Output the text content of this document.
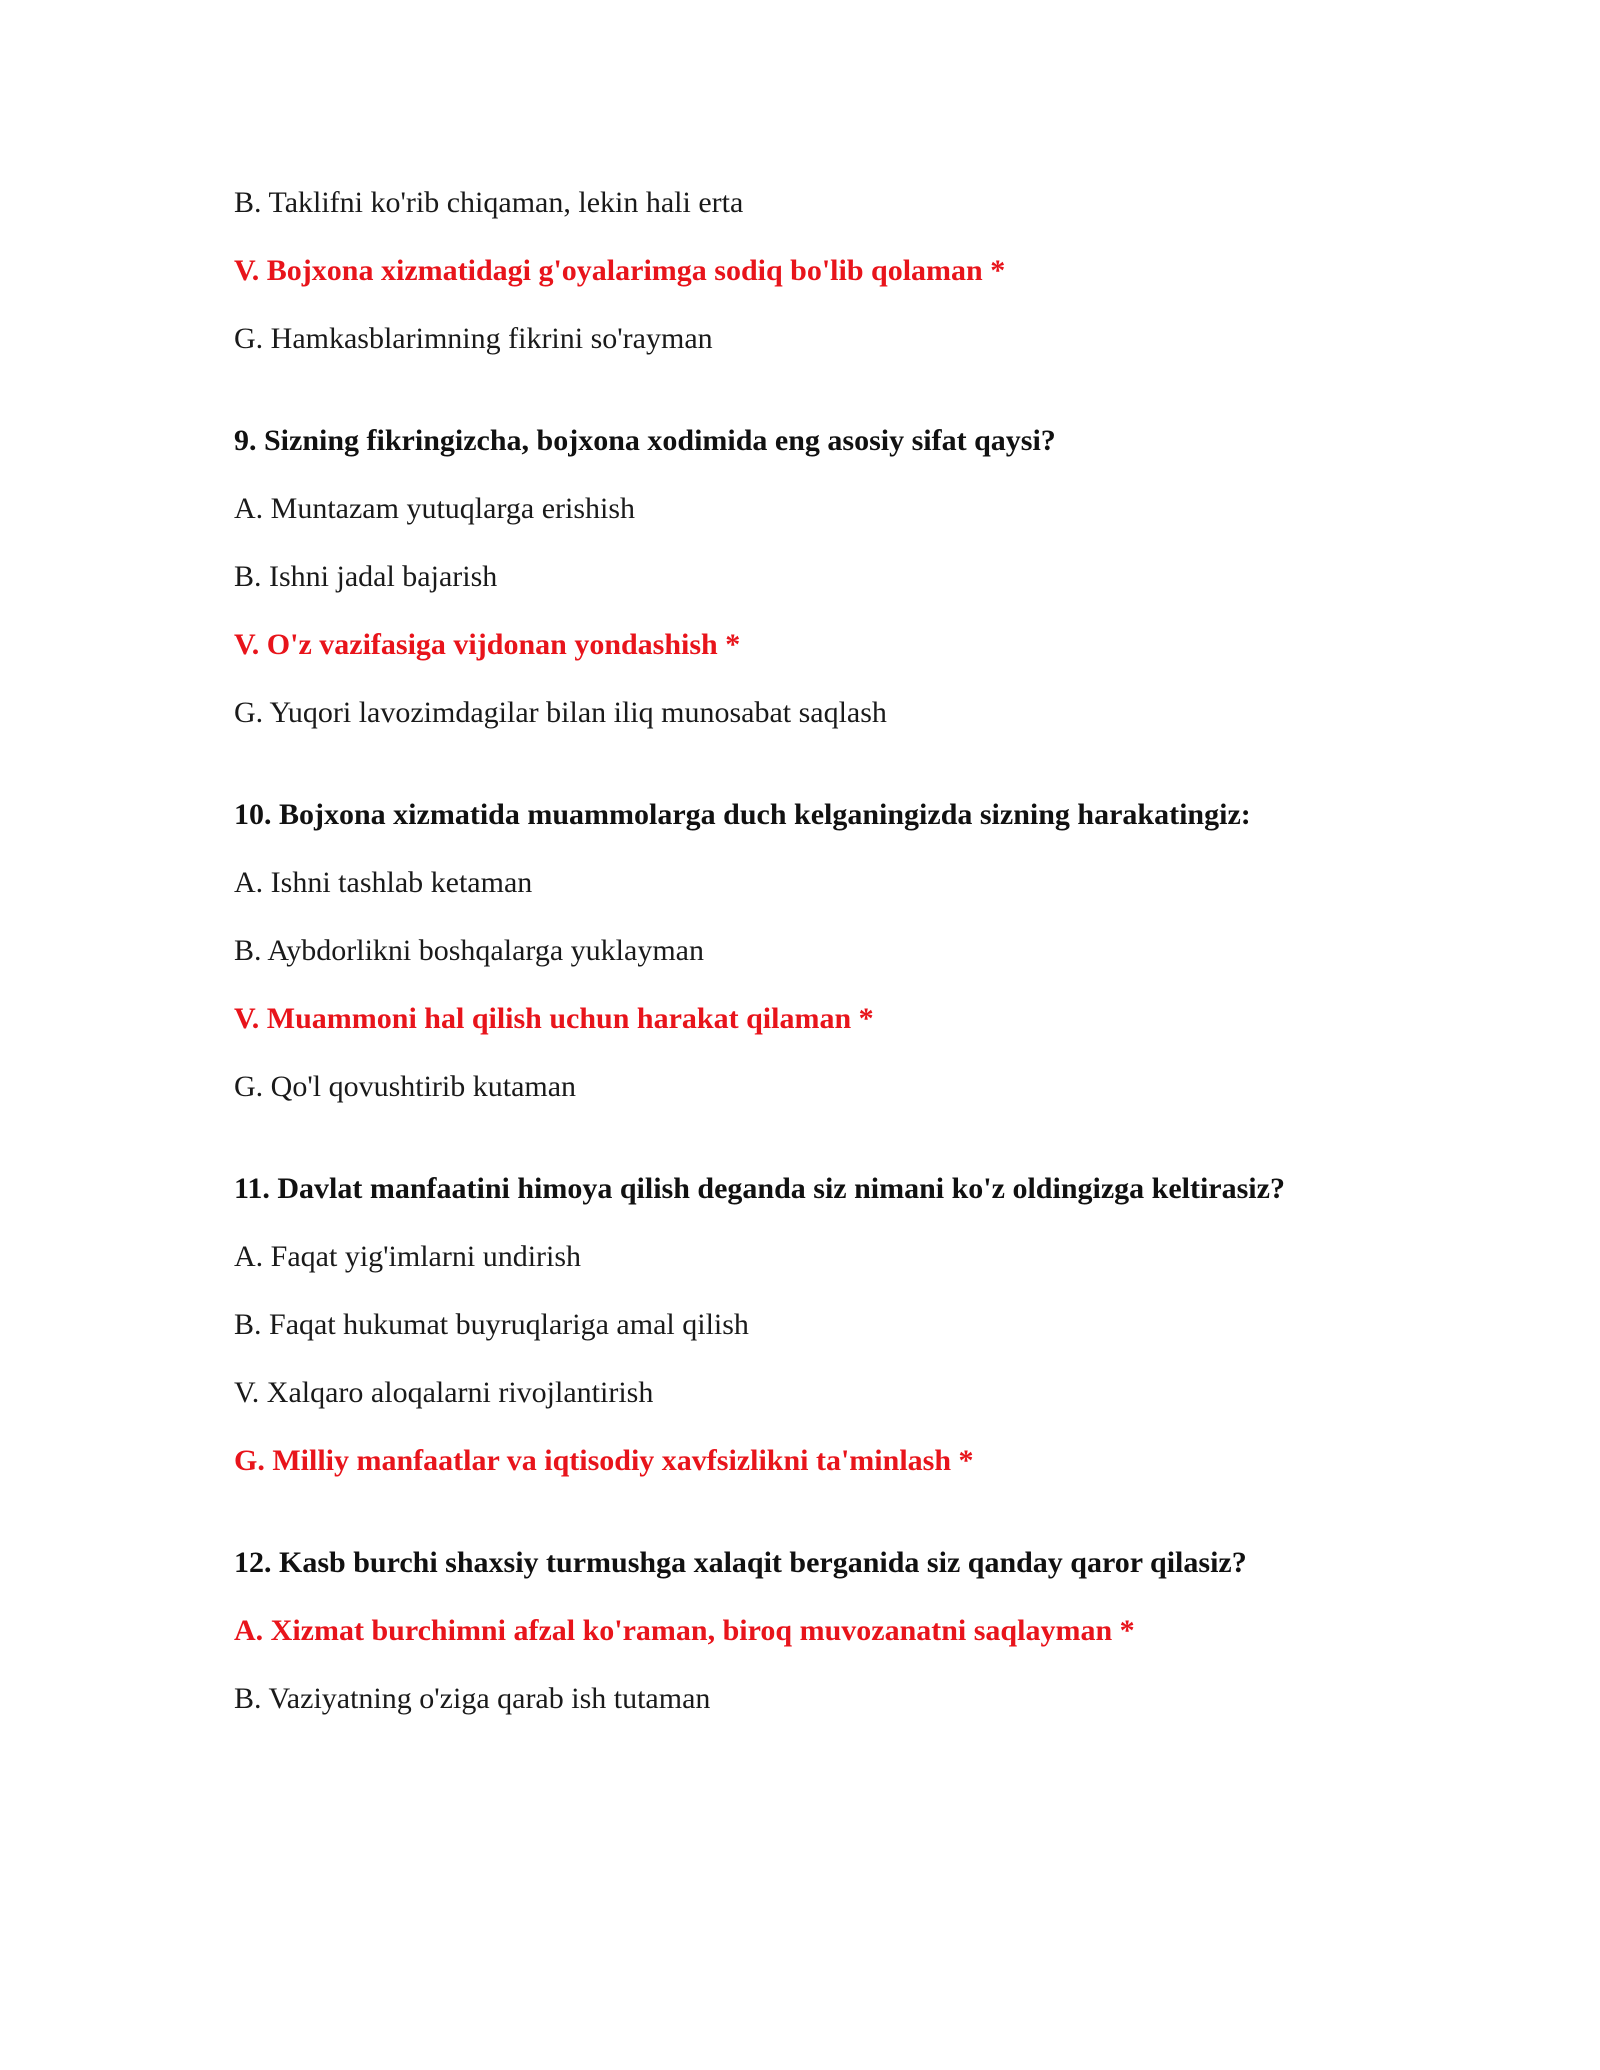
B. Taklifni ko'rib chiqaman, lekin hali erta
V. Bojxona xizmatidagi g'oyalarimga sodiq bo'lib qolaman *
G. Hamkasblarimning fikrini so'rayman
9. Sizning fikringizcha, bojxona xodimida eng asosiy sifat qaysi?
A. Muntazam yutuqlarga erishish
B. Ishni jadal bajarish
V. O'z vazifasiga vijdonan yondashish *
G. Yuqori lavozimdagilar bilan iliq munosabat saqlash
10. Bojxona xizmatida muammolarga duch kelganingizda sizning harakatingiz:
A. Ishni tashlab ketaman
B. Aybdorlikni boshqalarga yuklayman
V. Muammoni hal qilish uchun harakat qilaman *
G. Qo'l qovushtirib kutaman
11. Davlat manfaatini himoya qilish deganda siz nimani ko'z oldingizga keltirasiz?
A. Faqat yig'imlarni undirish
B. Faqat hukumat buyruqlariga amal qilish
V. Xalqaro aloqalarni rivojlantirish
G. Milliy manfaatlar va iqtisodiy xavfsizlikni ta'minlash *
12. Kasb burchi shaxsiy turmushga xalaqit berganida siz qanday qaror qilasiz?
A. Xizmat burchimni afzal ko'raman, biroq muvozanatni saqlayman *
B. Vaziyatning o'ziga qarab ish tutaman
